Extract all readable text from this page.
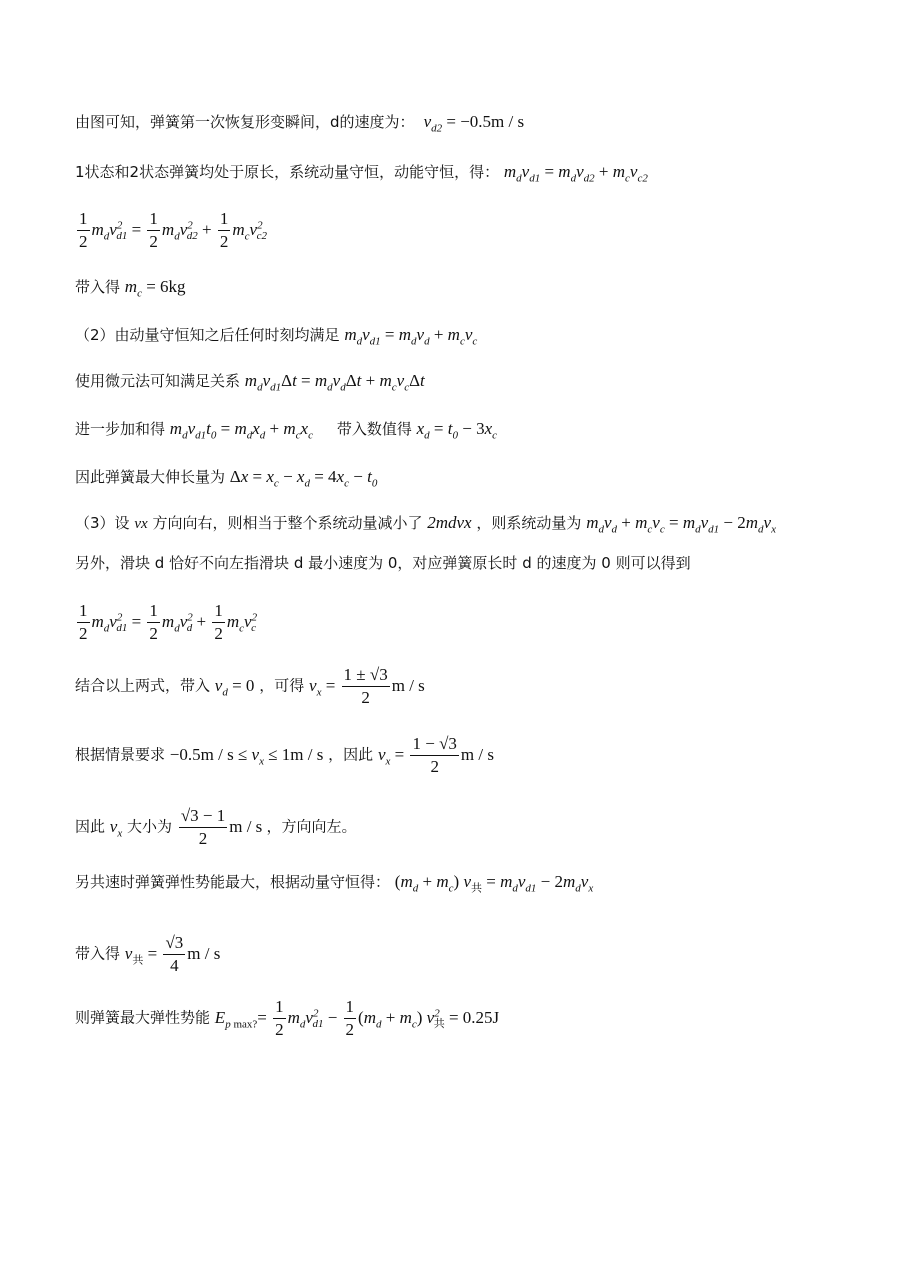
由图可知，弹簧第一次恢复形变瞬间，d的速度为：  $v_{d2} = -0.5m / s$
1状态和2状态弹簧均处于原长，系统动量守恒，动能守恒，得： $m_dv_{d1} = m_dv_{d2} + m_cv_{c2}$
$\frac{1}{2} m_dv^2_{d1} = \frac{1}{2} m_dv^2_{d2} + \frac{1}{2} m_cv^2_{c2}$
带入得 $m_c = 6kg$
（2）由动量守恒知之后任何时刻均满足 $m_dv_{d1} = m_dv_d + m_cv_c$
使用微元法可知满足关系 $m_dv_{d1}\Delta t = m_dv_d\Delta t + m_cv_c\Delta t$
进一步加和得 $m_dv_{d1}t_0 = m_dx_d + m_cx_c$ 带入数值得 $x_d = t_0 - 3x_c$
因此弹簧最大伸长量为 $\Delta x = x_c - x_d = 4x_c - t_0$
（3）设 vx 方向向右，则相当于整个系统动量减小了 2mdvx ，则系统动量为 $m_dv_d + m_cv_c = m_dv_{d1} - 2m_dv_x$
另外，滑块 d 恰好不向左指滑块 d 最小速度为 0，对应弹簧原长时 d 的速度为 0 则可以得到
$\frac{1}{2} m_dv^2_{d1} = \frac{1}{2} m_dv^2_d + \frac{1}{2} m_cv^2_c$
结合以上两式，带入 $v_d = 0$ ，可得 $v_x = \frac{1 \pm √3}{2}$ m / s
根据情景要求 $-0.5m / s \le v_x \le 1m / s$ ，因此 $v_x = \frac{1 - √3}{2}$ m / s
因此 $v_x$ 大小为 $\frac{√3 - 1}{2}$ m / s ，方向向左。
另共速时弹簧弹性势能最大，根据动量守恒得： $(m_d + m_c) v_共 = m_dv_{d1} - 2m_dv_x$
带入得 $v_共 = \frac{√3}{4}$ m / s
则弹簧最大弹性势能 $E_{p max?}= \frac{1}{2} m_dv^2_{d1} - \frac{1}{2} (m_d + m_c) v^2_共 = 0.25J$
